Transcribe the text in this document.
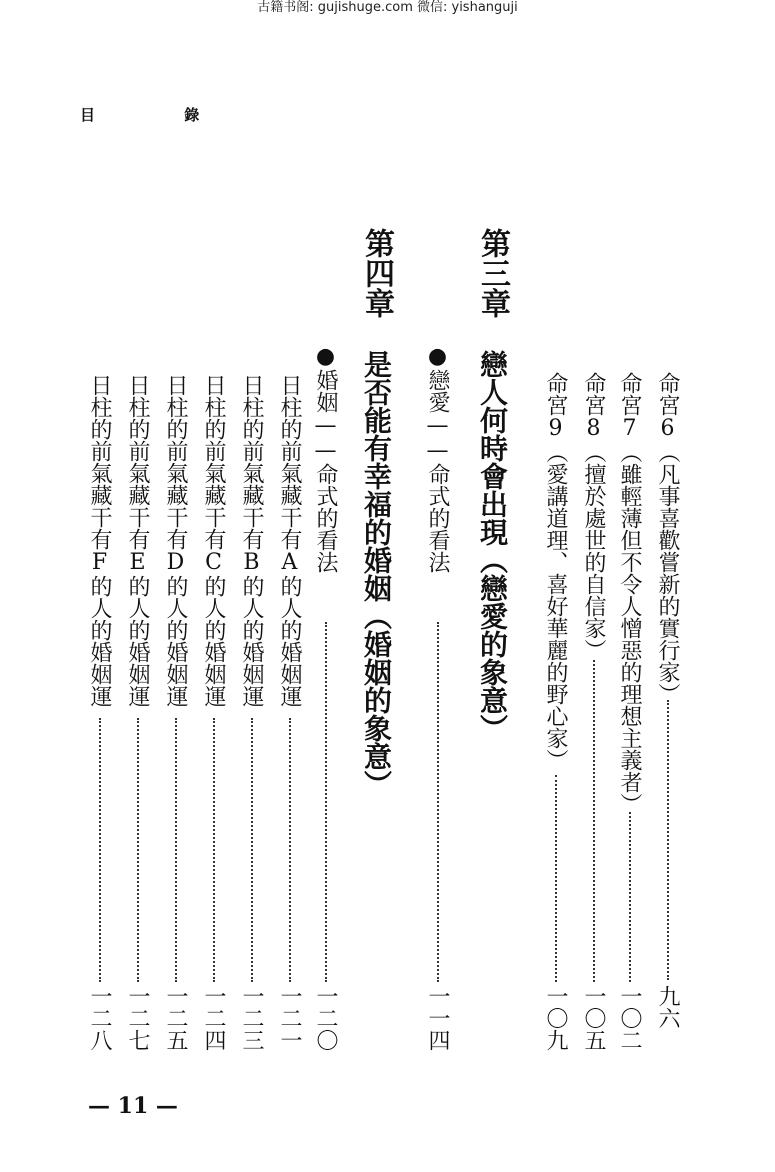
古籍书阁: gujishuge.com 微信: yishanguji
目 錄
命宮6（凡事喜歡嘗新的實行家）
九六
命宮7（雖輕薄但不令人憎惡的理想主義者）
一〇二
命宮8（擅於處世的自信家）
一〇五
命宮9（愛講道理、喜好華麗的野心家）
一〇九
第三章
戀人何時會出現（戀愛的象意）
●戀愛——命式的看法
一一四
第四章
是否能有幸福的婚姻（婚姻的象意）
●婚姻——命式的看法
一二〇
日柱的前氣藏干有A的人的婚姻運
一二一
日柱的前氣藏干有B的人的婚姻運
一二三
日柱的前氣藏干有C的人的婚姻運
一二四
日柱的前氣藏干有D的人的婚姻運
一二五
日柱的前氣藏干有E的人的婚姻運
一二七
日柱的前氣藏干有F的人的婚姻運
一二八
— 11 —
